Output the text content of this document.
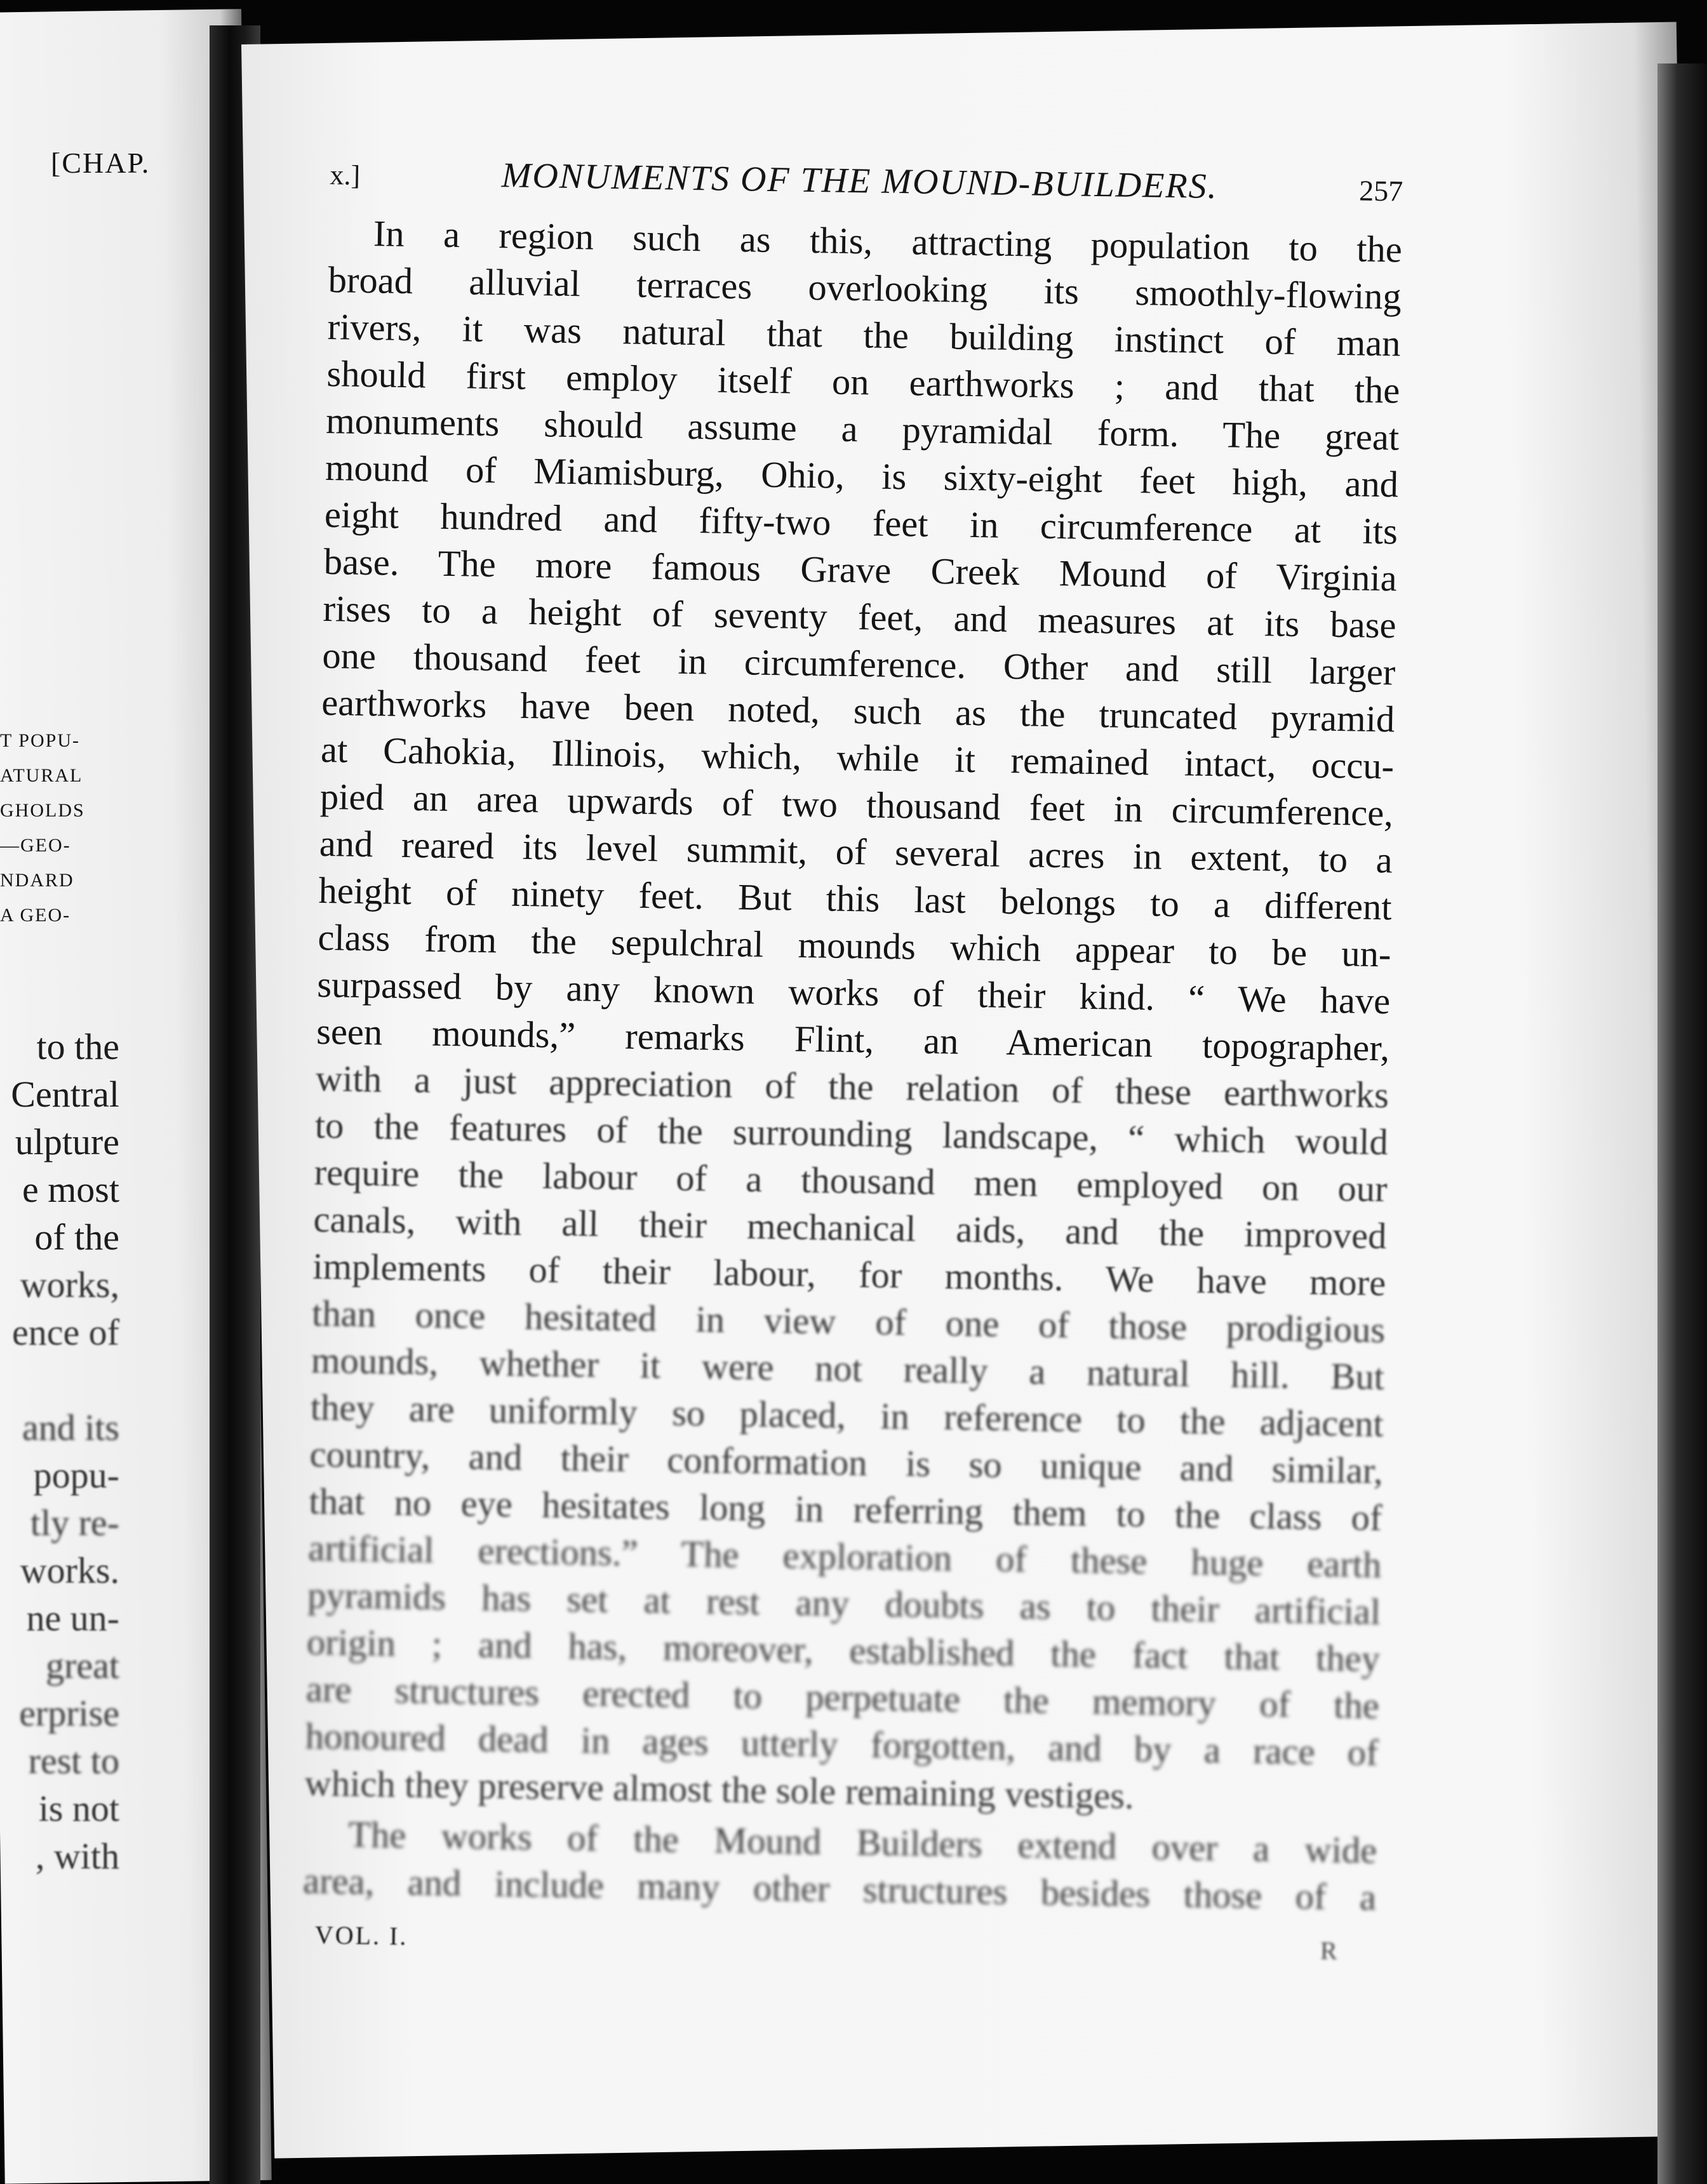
[CHAP.
T POPU-
ATURAL
GHOLDS
—GEO-
NDARD
A GEO-
to the
Central
ulpture
e most
of the
works,
ence of
and its
popu-
tly re-
works.
ne un-
great
erprise
rest to
is not
, with
x.]	MONUMENTS OF THE MOUND-BUILDERS.	257
In a region such as this, attracting population to the
broad alluvial terraces overlooking its smoothly-flowing
rivers, it was natural that the building instinct of man
should first employ itself on earthworks ; and that the
monuments should assume a pyramidal form. The great
mound of Miamisburg, Ohio, is sixty-eight feet high, and
eight hundred and fifty-two feet in circumference at its
base. The more famous Grave Creek Mound of Virginia
rises to a height of seventy feet, and measures at its base
one thousand feet in circumference. Other and still larger
earthworks have been noted, such as the truncated pyramid
at Cahokia, Illinois, which, while it remained intact, occu-
pied an area upwards of two thousand feet in circumference,
and reared its level summit, of several acres in extent, to a
height of ninety feet. But this last belongs to a different
class from the sepulchral mounds which appear to be un-
surpassed by any known works of their kind. “ We have
seen mounds,” remarks Flint, an American topographer,
with a just appreciation of the relation of these earthworks
to the features of the surrounding landscape, “ which would
require the labour of a thousand men employed on our
canals, with all their mechanical aids, and the improved
implements of their labour, for months. We have more
than once hesitated in view of one of those prodigious
mounds, whether it were not really a natural hill. But
they are uniformly so placed, in reference to the adjacent
country, and their conformation is so unique and similar,
that no eye hesitates long in referring them to the class of
artificial erections.” The exploration of these huge earth
pyramids has set at rest any doubts as to their artificial
origin ; and has, moreover, established the fact that they
are structures erected to perpetuate the memory of the
honoured dead in ages utterly forgotten, and by a race of
which they preserve almost the sole remaining vestiges.
The works of the Mound Builders extend over a wide
area, and include many other structures besides those of a
VOL. I.
R
